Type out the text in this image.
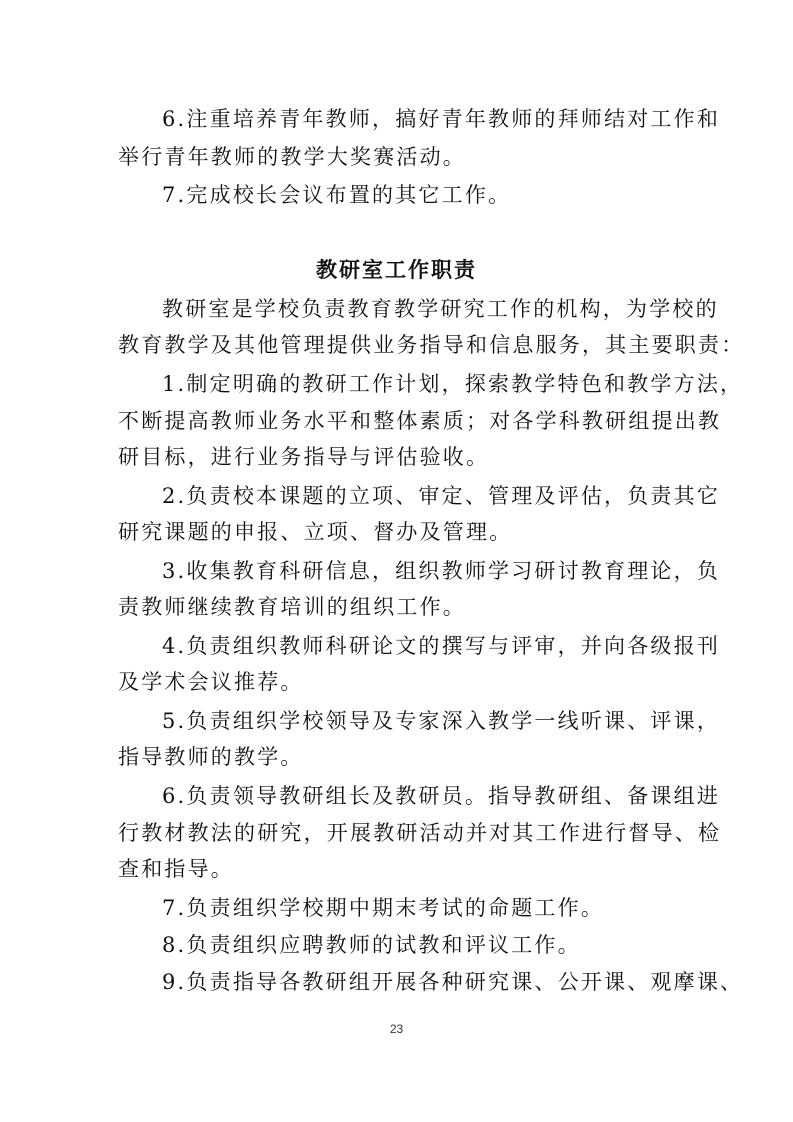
6.注重培养青年教师，搞好青年教师的拜师结对工作和
举行青年教师的教学大奖赛活动。
7.完成校长会议布置的其它工作。
教研室工作职责
教研室是学校负责教育教学研究工作的机构，为学校的
教育教学及其他管理提供业务指导和信息服务，其主要职责：
1.制定明确的教研工作计划，探索教学特色和教学方法，
不断提高教师业务水平和整体素质；对各学科教研组提出教
研目标，进行业务指导与评估验收。
2.负责校本课题的立项、审定、管理及评估，负责其它
研究课题的申报、立项、督办及管理。
3.收集教育科研信息，组织教师学习研讨教育理论，负
责教师继续教育培训的组织工作。
4.负责组织教师科研论文的撰写与评审，并向各级报刊
及学术会议推荐。
5.负责组织学校领导及专家深入教学一线听课、评课，
指导教师的教学。
6.负责领导教研组长及教研员。指导教研组、备课组进
行教材教法的研究，开展教研活动并对其工作进行督导、检
查和指导。
7.负责组织学校期中期末考试的命题工作。
8.负责组织应聘教师的试教和评议工作。
9.负责指导各教研组开展各种研究课、公开课、观摩课、
23
